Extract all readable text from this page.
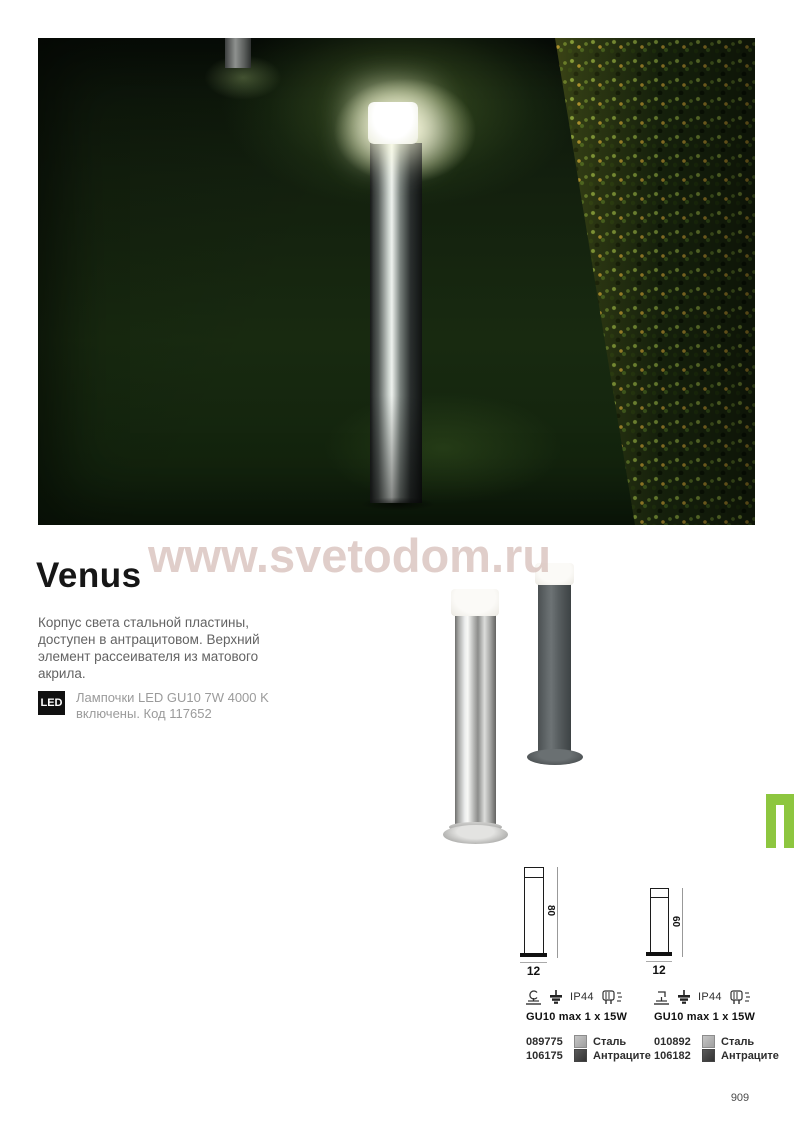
www.svetodom.ru
Venus
Корпус света стальной пластины, доступен в антрацитовом. Верхний элемент рассеивателя из матового акрила.
LED Лампочки LED GU10 7W 4000 K
включены. Код 117652
80
12
60
12
IP44
GU10 max 1 x 15W
089775	Сталь
106175	Антраците
IP44
GU10 max 1 x 15W
010892	Сталь
106182	Антраците
909
